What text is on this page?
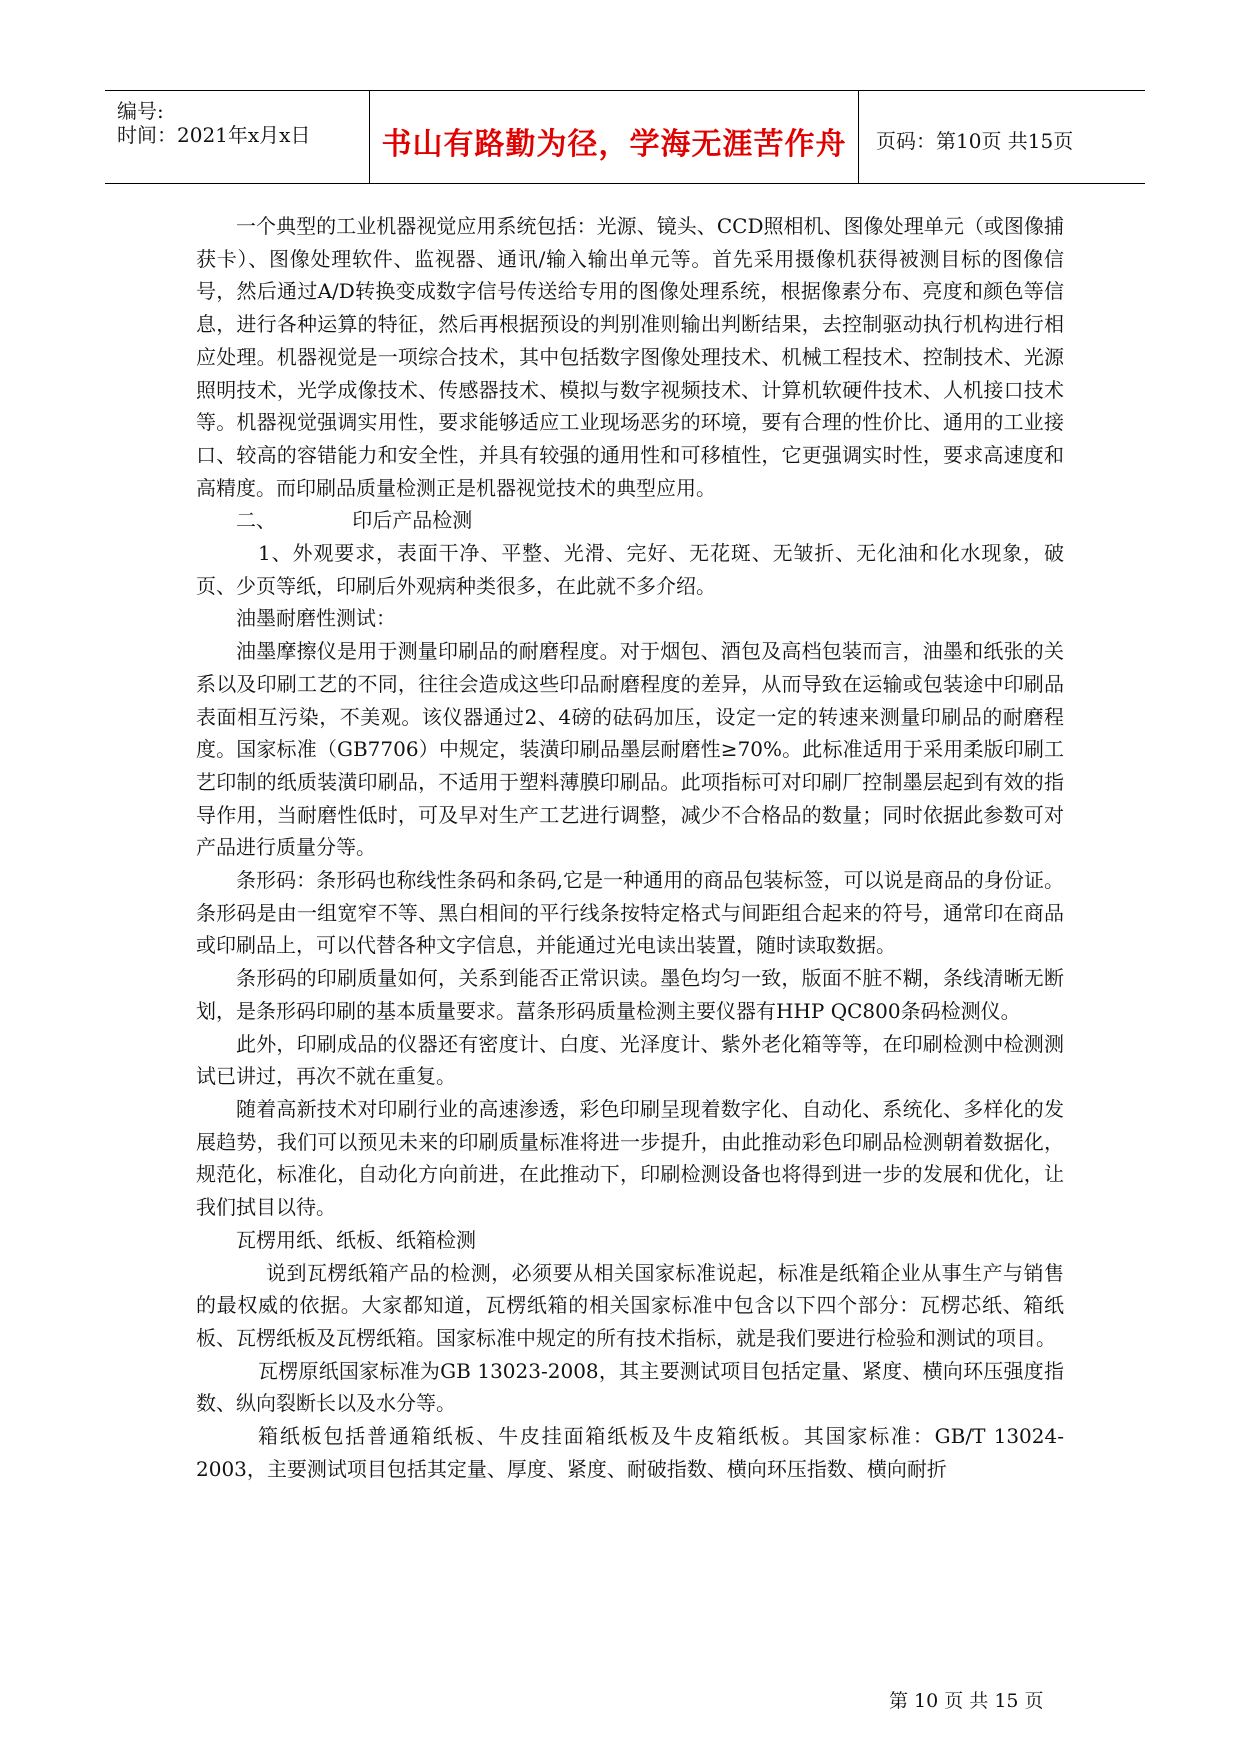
编号:
时间：2021年x月x日	书山有路勤为径，学海无涯苦作舟	页码：第10页 共15页

一个典型的工业机器视觉应用系统包括：光源、镜头、CCD照相机、图像处理单元（或图像捕获卡）、图像处理软件、监视器、通讯/输入输出单元等。首先采用摄像机获得被测目标的图像信号，然后通过A/D转换变成数字信号传送给专用的图像处理系统，根据像素分布、亮度和颜色等信息，进行各种运算的特征，然后再根据预设的判别准则输出判断结果，去控制驱动执行机构进行相应处理。机器视觉是一项综合技术，其中包括数字图像处理技术、机械工程技术、控制技术、光源照明技术，光学成像技术、传感器技术、模拟与数字视频技术、计算机软硬件技术、人机接口技术等。机器视觉强调实用性，要求能够适应工业现场恶劣的环境，要有合理的性价比、通用的工业接口、较高的容错能力和安全性，并具有较强的通用性和可移植性，它更强调实时性，要求高速度和高精度。而印刷品质量检测正是机器视觉技术的典型应用。

二、	印后产品检测

1、外观要求，表面干净、平整、光滑、完好、无花斑、无皱折、无化油和化水现象，破页、少页等纸，印刷后外观病种类很多，在此就不多介绍。

油墨耐磨性测试：

油墨摩擦仪是用于测量印刷品的耐磨程度。对于烟包、酒包及高档包装而言，油墨和纸张的关系以及印刷工艺的不同，往往会造成这些印品耐磨程度的差异，从而导致在运输或包装途中印刷品表面相互污染，不美观。该仪器通过2、4磅的砝码加压，设定一定的转速来测量印刷品的耐磨程度。国家标准（GB7706）中规定，装潢印刷品墨层耐磨性≥70%。此标准适用于采用柔版印刷工艺印制的纸质装潢印刷品，不适用于塑料薄膜印刷品。此项指标可对印刷厂控制墨层起到有效的指导作用，当耐磨性低时，可及早对生产工艺进行调整，减少不合格品的数量；同时依据此参数可对产品进行质量分等。

条形码：条形码也称线性条码和条码,它是一种通用的商品包装标签，可以说是商品的身份证。条形码是由一组宽窄不等、黑白相间的平行线条按特定格式与间距组合起来的符号，通常印在商品或印刷品上，可以代替各种文字信息，并能通过光电读出装置，随时读取数据。

条形码的印刷质量如何，关系到能否正常识读。墨色均匀一致，版面不脏不糊，条线清晰无断划，是条形码印刷的基本质量要求。葍条形码质量检测主要仪器有HHP QC800条码检测仪。

此外，印刷成品的仪器还有密度计、白度、光泽度计、紫外老化箱等等，在印刷检测中检测测试已讲过，再次不就在重复。

随着高新技术对印刷行业的高速渗透，彩色印刷呈现着数字化、自动化、系统化、多样化的发展趋势，我们可以预见未来的印刷质量标准将进一步提升，由此推动彩色印刷品检测朝着数据化，规范化，标准化，自动化方向前进，在此推动下，印刷检测设备也将得到进一步的发展和优化，让我们拭目以待。

瓦楞用纸、纸板、纸箱检测

说到瓦楞纸箱产品的检测，必须要从相关国家标准说起，标准是纸箱企业从事生产与销售的最权威的依据。大家都知道，瓦楞纸箱的相关国家标准中包含以下四个部分：瓦楞芯纸、箱纸板、瓦楞纸板及瓦楞纸箱。国家标准中规定的所有技术指标，就是我们要进行检验和测试的项目。

瓦楞原纸国家标准为GB 13023-2008，其主要测试项目包括定量、紧度、横向环压强度指数、纵向裂断长以及水分等。

箱纸板包括普通箱纸板、牛皮挂面箱纸板及牛皮箱纸板。其国家标准：GB/T 13024-2003，主要测试项目包括其定量、厚度、紧度、耐破指数、横向环压指数、横向耐折

第 10 页 共 15 页
